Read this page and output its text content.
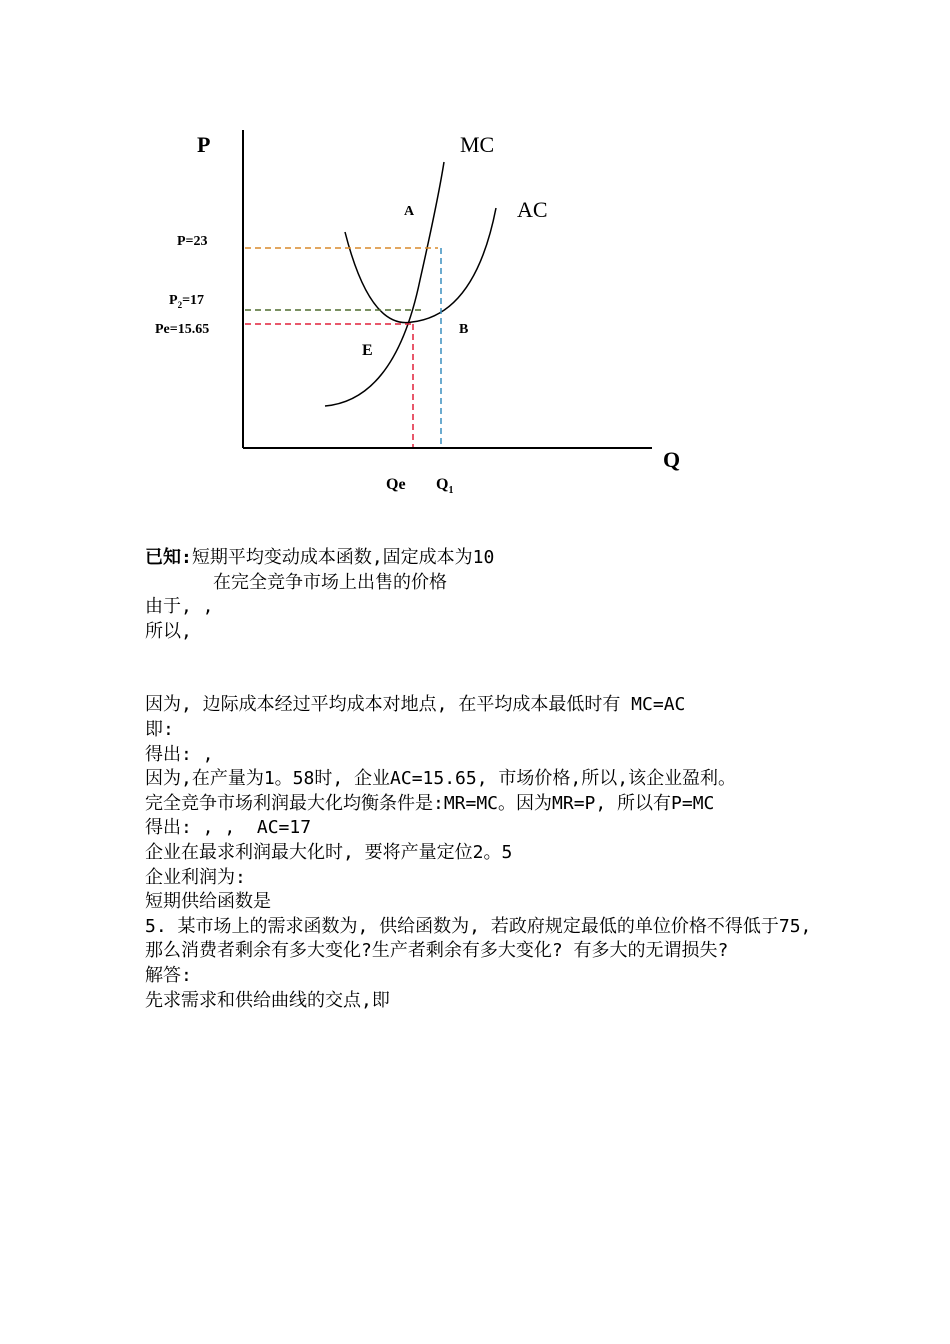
P
Q
MC
AC
A
B
E
P=23
$P_2=17$
Pe=15.65
Qe $Q_1$

已知:短期平均变动成本函数,固定成本为10

在完全竞争市场上出售的价格

由于, ,

所以,

因为, 边际成本经过平均成本对地点, 在平均成本最低时有 MC=AC

即:

得出: ,

因为,在产量为1。58时, 企业AC=15.65, 市场价格,所以,该企业盈利。

完全竞争市场利润最大化均衡条件是:MR=MC。因为MR=P, 所以有P=MC

得出: , ,  AC=17

企业在最求利润最大化时, 要将产量定位2。5

企业利润为:

短期供给函数是

5. 某市场上的需求函数为, 供给函数为, 若政府规定最低的单位价格不得低于75, 那么消费者剩余有多大变化?生产者剩余有多大变化? 有多大的无谓损失?

解答:

先求需求和供给曲线的交点,即
